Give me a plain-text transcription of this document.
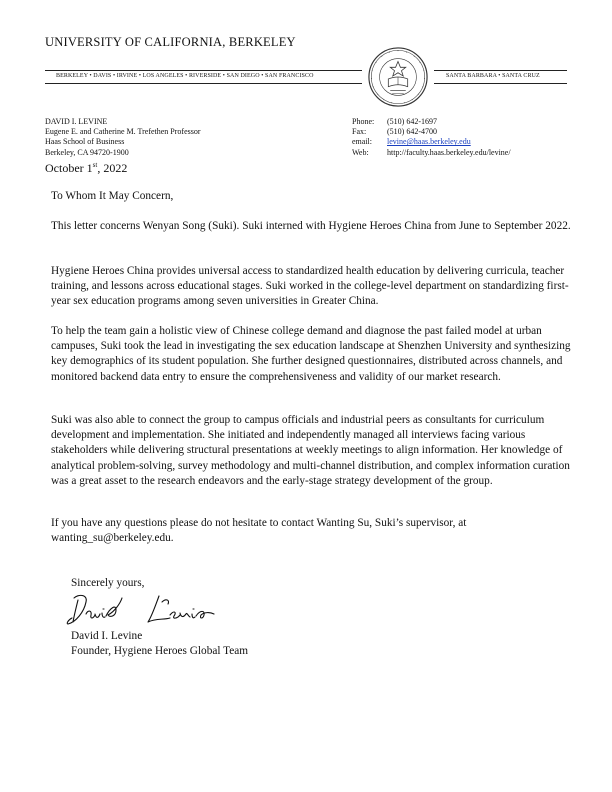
UNIVERSITY OF CALIFORNIA, BERKELEY
BERKELEY • DAVIS • IRVINE • LOS ANGELES • RIVERSIDE • SAN DIEGO • SAN FRANCISCO	SANTA BARBARA • SANTA CRUZ
DAVID I. LEVINE
Eugene E. and Catherine M. Trefethen Professor
Haas School of Business
Berkeley, CA 94720-1900
Phone:	(510) 642-1697
Fax:	(510) 642-4700
email:	levine@haas.berkeley.edu
Web:	http://faculty.haas.berkeley.edu/levine/
October 1st, 2022

To Whom It May Concern,

This letter concerns Wenyan Song (Suki). Suki interned with Hygiene Heroes China from June to September 2022.

Hygiene Heroes China provides universal access to standardized health education by delivering curricula, teacher training, and lessons across educational stages. Suki worked in the college-level department on standardizing first-year sex education programs among seven universities in Greater China.

To help the team gain a holistic view of Chinese college demand and diagnose the past failed model at urban campuses, Suki took the lead in investigating the sex education landscape at Shenzhen University and synthesizing key demographics of its student population. She further designed questionnaires, distributed across channels, and monitored backend data entry to ensure the comprehensiveness and validity of our market research.

Suki was also able to connect the group to campus officials and industrial peers as consultants for curriculum development and implementation. She initiated and independently managed all interviews facing various stakeholders while delivering structural presentations at weekly meetings to align information. Her knowledge of analytical problem-solving, survey methodology and multi-channel distribution, and complex information curation was a great asset to the research endeavors and the early-stage strategy development of the group.

If you have any questions please do not hesitate to contact Wanting Su, Suki’s supervisor, at wanting_su@berkeley.edu.

Sincerely yours,

David I. Levine

Founder, Hygiene Heroes Global Team
